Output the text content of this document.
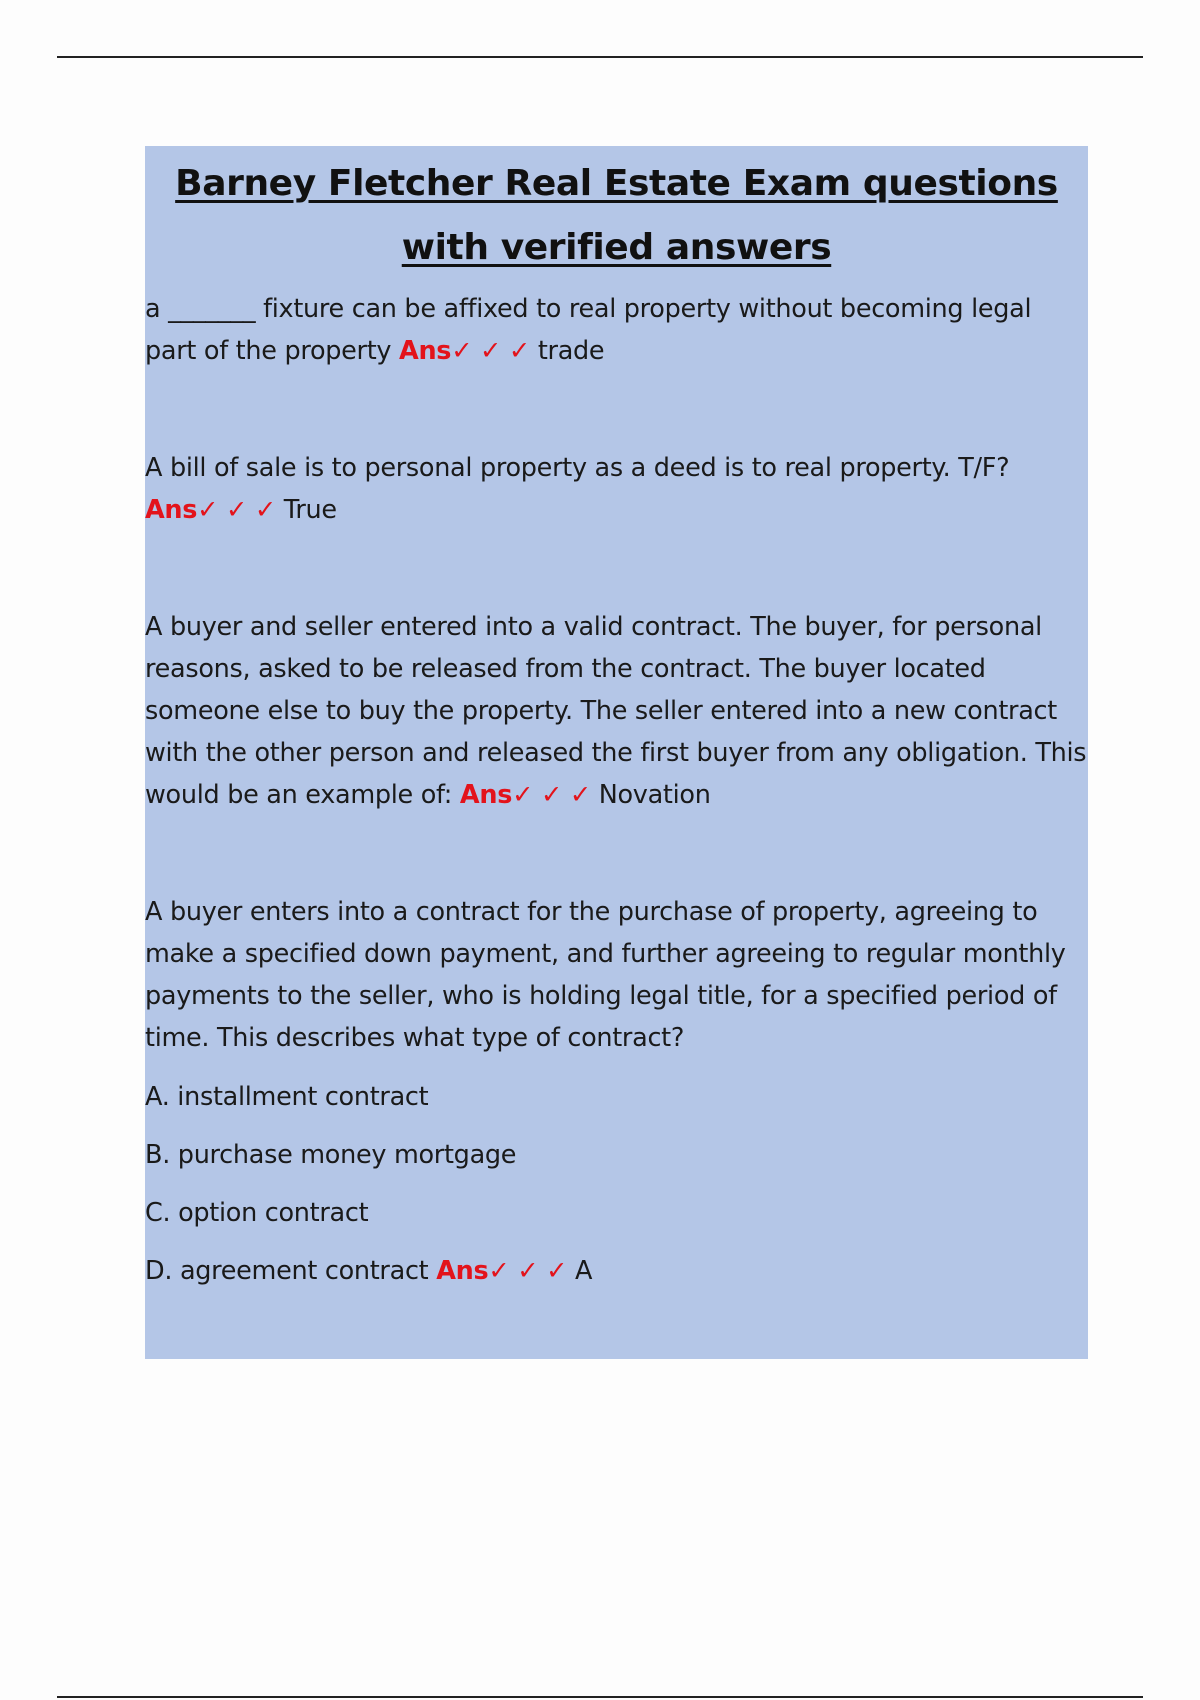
Barney Fletcher Real Estate Exam questions
with verified answers
a _______ fixture can be affixed to real property without becoming legal part of the property Ans✓ ✓ ✓ trade
A bill of sale is to personal property as a deed is to real property. T/F? Ans✓ ✓ ✓ True
A buyer and seller entered into a valid contract. The buyer, for personal reasons, asked to be released from the contract. The buyer located someone else to buy the property. The seller entered into a new contract with the other person and released the first buyer from any obligation. This would be an example of: Ans✓ ✓ ✓ Novation
A buyer enters into a contract for the purchase of property, agreeing to make a specified down payment, and further agreeing to regular monthly payments to the seller, who is holding legal title, for a specified period of time. This describes what type of contract?
A. installment contract
B. purchase money mortgage
C. option contract
D. agreement contract Ans✓ ✓ ✓ A
